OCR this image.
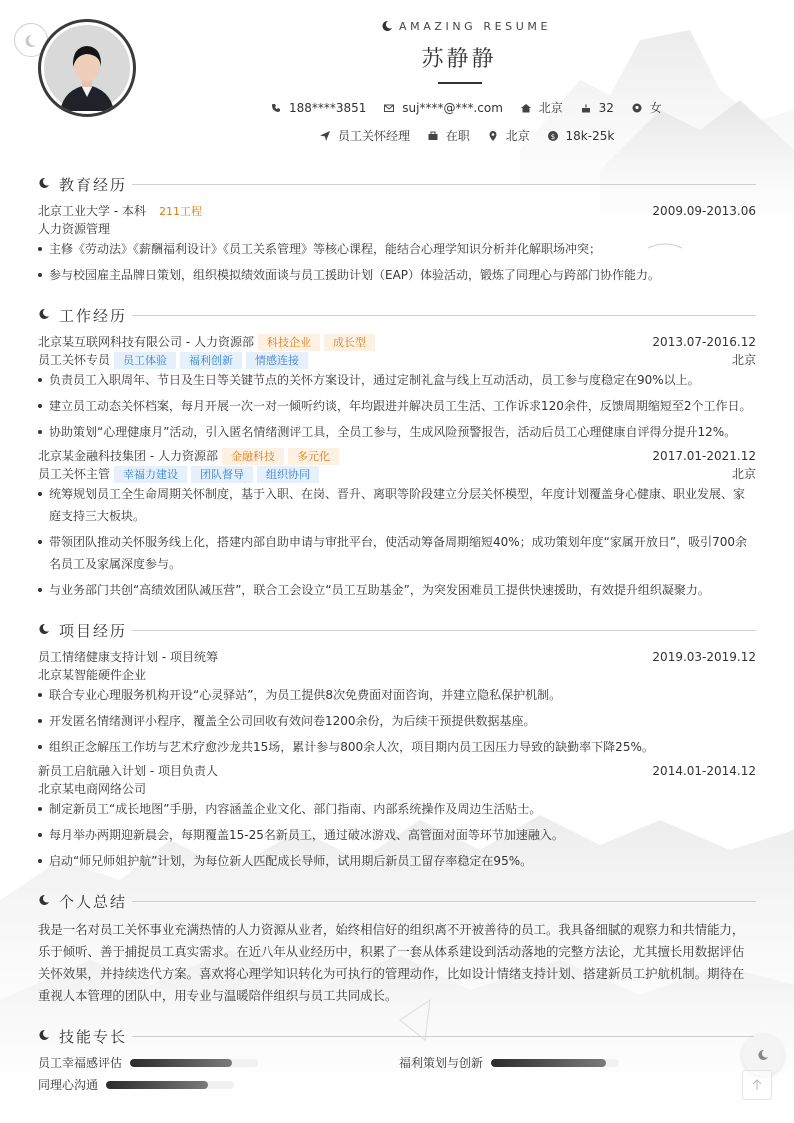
AMAZING RESUME
苏静静
188****3851	suj****@***.com	北京	32	女
员工关怀经理	在职	北京	$ 18k-25k
教育经历
北京工业大学 - 本科 211工程	2009.09-2013.06
人力资源管理
主修《劳动法》《薪酬福利设计》《员工关系管理》等核心课程，能结合心理学知识分析并化解职场冲突；
参与校园雇主品牌日策划，组织模拟绩效面谈与员工援助计划（EAP）体验活动，锻炼了同理心与跨部门协作能力。
工作经历
北京某互联网科技有限公司 - 人力资源部 科技企业 成长型	2013.07-2016.12
员工关怀专员 员工体验 福利创新 情感连接	北京
负责员工入职周年、节日及生日等关键节点的关怀方案设计，通过定制礼盒与线上互动活动，员工参与度稳定在90%以上。
建立员工动态关怀档案，每月开展一次一对一倾听约谈，年均跟进并解决员工生活、工作诉求120余件，反馈周期缩短至2个工作日。
协助策划“心理健康月”活动，引入匿名情绪测评工具，全员工参与，生成风险预警报告，活动后员工心理健康自评得分提升12%。
北京某金融科技集团 - 人力资源部 金融科技 多元化	2017.01-2021.12
员工关怀主管 幸福力建设 团队督导 组织协同	北京
统筹规划员工全生命周期关怀制度，基于入职、在岗、晋升、离职等阶段建立分层关怀模型，年度计划覆盖身心健康、职业发展、家庭支持三大板块。
带领团队推动关怀服务线上化，搭建内部自助申请与审批平台，使活动筹备周期缩短40%；成功策划年度“家属开放日”，吸引700余名员工及家属深度参与。
与业务部门共创“高绩效团队减压营”，联合工会设立“员工互助基金”，为突发困难员工提供快速援助，有效提升组织凝聚力。
项目经历
员工情绪健康支持计划 - 项目统筹	2019.03-2019.12
北京某智能硬件企业
联合专业心理服务机构开设“心灵驿站”，为员工提供8次免费面对面咨询，并建立隐私保护机制。
开发匿名情绪测评小程序，覆盖全公司回收有效问卷1200余份，为后续干预提供数据基座。
组织正念解压工作坊与艺术疗愈沙龙共15场，累计参与800余人次，项目期内员工因压力导致的缺勤率下降25%。
新员工启航融入计划 - 项目负责人	2014.01-2014.12
北京某电商网络公司
制定新员工“成长地图”手册，内容涵盖企业文化、部门指南、内部系统操作及周边生活贴士。
每月举办两期迎新晨会，每期覆盖15-25名新员工，通过破冰游戏、高管面对面等环节加速融入。
启动“师兄师姐护航”计划，为每位新人匹配成长导师，试用期后新员工留存率稳定在95%。
个人总结

我是一名对员工关怀事业充满热情的人力资源从业者，始终相信好的组织离不开被善待的员工。我具备细腻的观察力和共情能力，乐于倾听、善于捕捉员工真实需求。在近八年从业经历中，积累了一套从体系建设到活动落地的完整方法论，尤其擅长用数据评估关怀效果，并持续迭代方案。喜欢将心理学知识转化为可执行的管理动作，比如设计情绪支持计划、搭建新员工护航机制。期待在重视人本管理的团队中，用专业与温暖陪伴组织与员工共同成长。

技能专长
员工幸福感评估	福利策划与创新
同理心沟通
